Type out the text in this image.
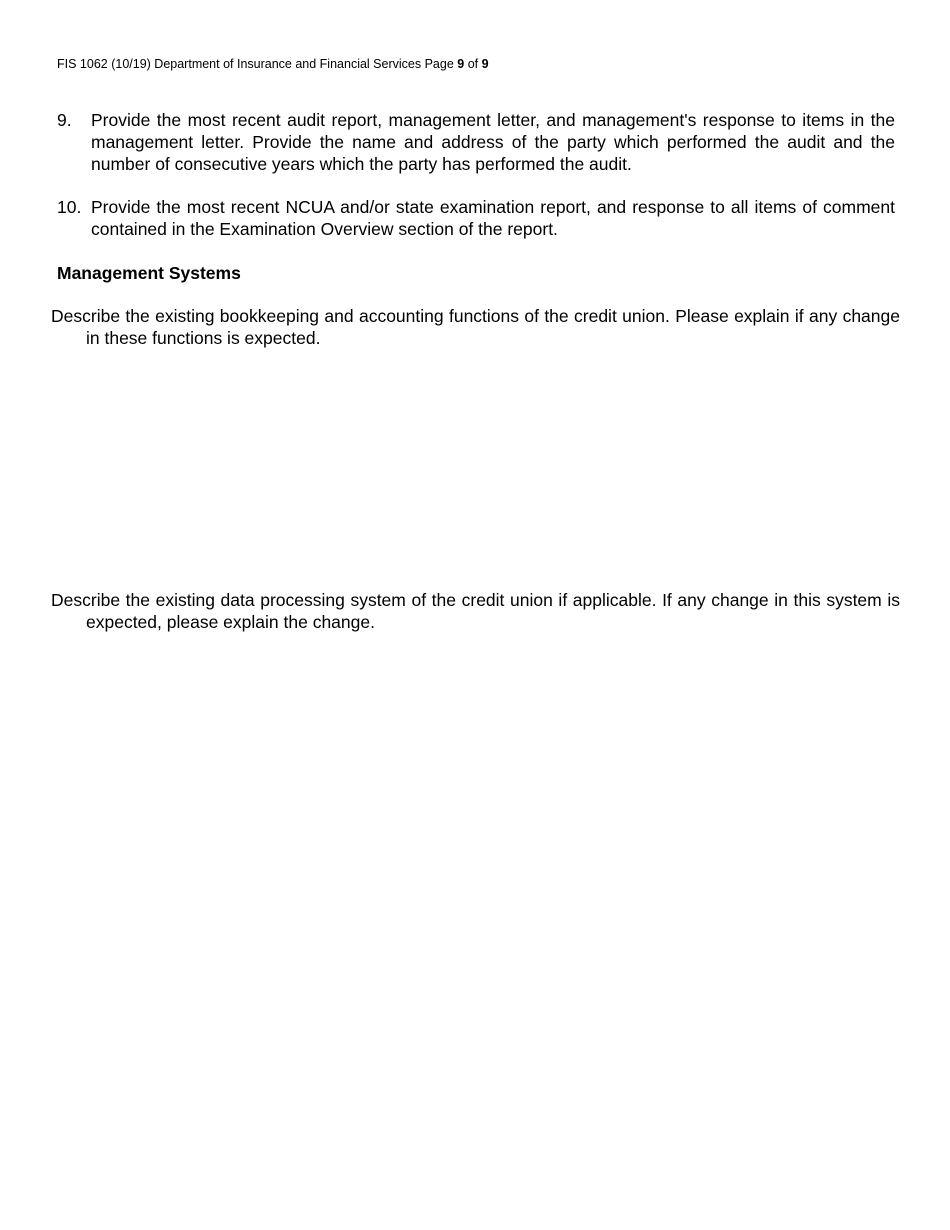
FIS 1062 (10/19) Department of Insurance and Financial Services Page 9 of 9
9. Provide the most recent audit report, management letter, and management's response to items in the management letter. Provide the name and address of the party which performed the audit and the number of consecutive years which the party has performed the audit.
10. Provide the most recent NCUA and/or state examination report, and response to all items of comment contained in the Examination Overview section of the report.
Management Systems
Describe the existing bookkeeping and accounting functions of the credit union. Please explain if any change in these functions is expected.
Describe the existing data processing system of the credit union if applicable. If any change in this system is expected, please explain the change.
